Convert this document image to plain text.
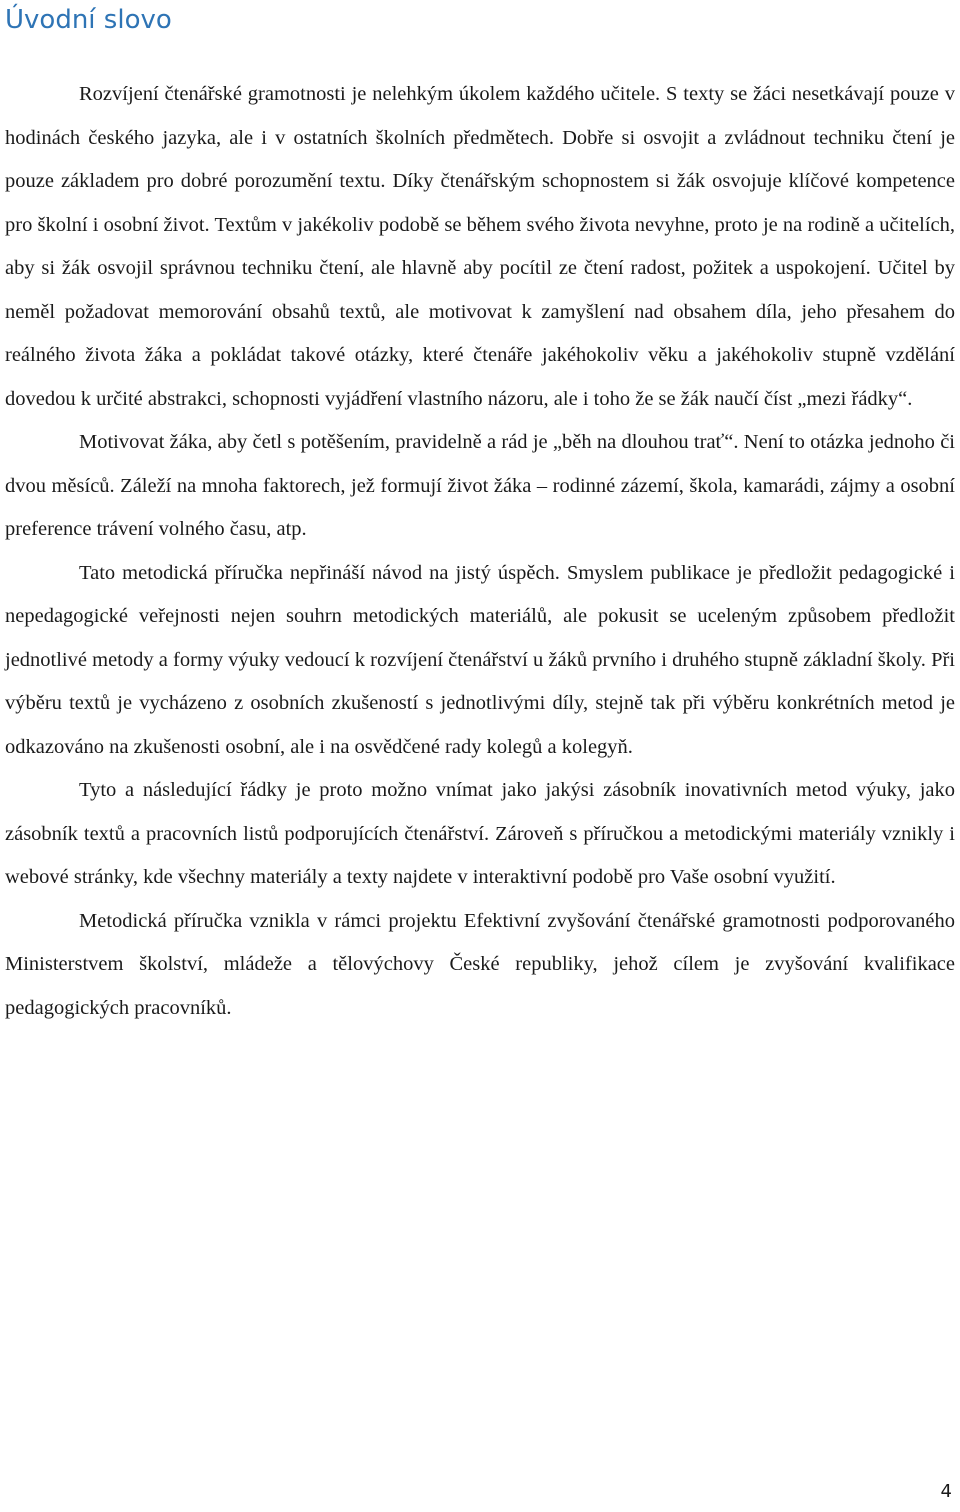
Úvodní slovo

Rozvíjení čtenářské gramotnosti je nelehkým úkolem každého učitele. S texty se žáci nesetkávají pouze v hodinách českého jazyka, ale i v ostatních školních předmětech. Dobře si osvojit a zvládnout techniku čtení je pouze základem pro dobré porozumění textu. Díky čtenářským schopnostem si žák osvojuje klíčové kompetence pro školní i osobní život. Textům v jakékoliv podobě se během svého života nevyhne, proto je na rodině a učitelích, aby si žák osvojil správnou techniku čtení, ale hlavně aby pocítil ze čtení radost, požitek a uspokojení. Učitel by neměl požadovat memorování obsahů textů, ale motivovat k zamyšlení nad obsahem díla, jeho přesahem do reálného života žáka a pokládat takové otázky, které čtenáře jakéhokoliv věku a jakéhokoliv stupně vzdělání dovedou k určité abstrakci, schopnosti vyjádření vlastního názoru, ale i toho že se žák naučí číst „mezi řádky“.

Motivovat žáka, aby četl s potěšením, pravidelně a rád je „běh na dlouhou trať“. Není to otázka jednoho či dvou měsíců. Záleží na mnoha faktorech, jež formují život žáka – rodinné zázemí, škola, kamarádi, zájmy a osobní preference trávení volného času, atp.

Tato metodická příručka nepřináší návod na jistý úspěch. Smyslem publikace je předložit pedagogické i nepedagogické veřejnosti nejen souhrn metodických materiálů, ale pokusit se uceleným způsobem předložit jednotlivé metody a formy výuky vedoucí k rozvíjení čtenářství u žáků prvního i druhého stupně základní školy. Při výběru textů je vycházeno z osobních zkušeností s jednotlivými díly, stejně tak při výběru konkrétních metod je odkazováno na zkušenosti osobní, ale i na osvědčené rady kolegů a kolegyň.

Tyto a následující řádky je proto možno vnímat jako jakýsi zásobník inovativních metod výuky, jako zásobník textů a pracovních listů podporujících čtenářství. Zároveň s příručkou a metodickými materiály vznikly i webové stránky, kde všechny materiály a texty najdete v interaktivní podobě pro Vaše osobní využití.

Metodická příručka vznikla v rámci projektu Efektivní zvyšování čtenářské gramotnosti podporovaného Ministerstvem školství, mládeže a tělovýchovy České republiky, jehož cílem je zvyšování kvalifikace pedagogických pracovníků.

4
